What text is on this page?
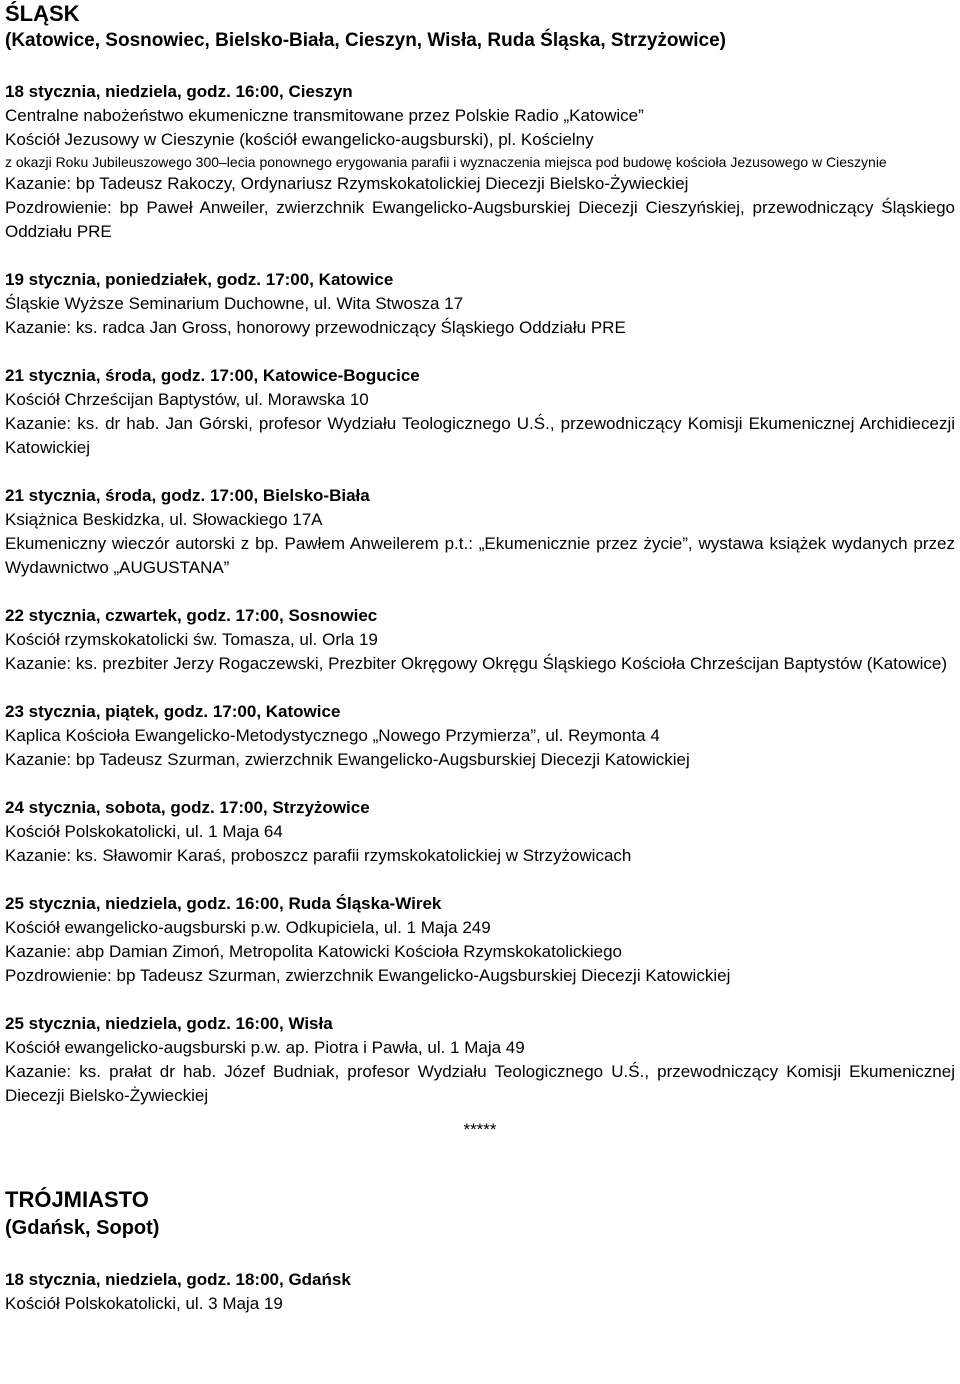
ŚLĄSK

(Katowice, Sosnowiec, Bielsko-Biała, Cieszyn, Wisła, Ruda Śląska, Strzyżowice)

18 stycznia, niedziela, godz. 16:00, Cieszyn

Centralne nabożeństwo ekumeniczne transmitowane przez Polskie Radio „Katowice”

Kościół Jezusowy w Cieszynie (kościół ewangelicko-augsburski), pl. Kościelny

z okazji Roku Jubileuszowego 300–lecia ponownego erygowania parafii i wyznaczenia miejsca pod budowę kościoła Jezusowego w Cieszynie

Kazanie: bp Tadeusz Rakoczy, Ordynariusz Rzymskokatolickiej Diecezji Bielsko-Żywieckiej

Pozdrowienie: bp Paweł Anweiler, zwierzchnik Ewangelicko-Augsburskiej Diecezji Cieszyńskiej, przewodniczący Śląskiego Oddziału PRE

19 stycznia, poniedziałek, godz. 17:00, Katowice

Śląskie Wyższe Seminarium Duchowne, ul. Wita Stwosza 17

Kazanie: ks. radca Jan Gross, honorowy przewodniczący Śląskiego Oddziału PRE

21 stycznia, środa, godz. 17:00, Katowice-Bogucice

Kościół Chrześcijan Baptystów, ul. Morawska 10

Kazanie: ks. dr hab. Jan Górski, profesor Wydziału Teologicznego U.Ś., przewodniczący Komisji Ekumenicznej Archidiecezji Katowickiej

21 stycznia, środa, godz. 17:00, Bielsko-Biała

Książnica Beskidzka, ul. Słowackiego 17A

Ekumeniczny wieczór autorski z bp. Pawłem Anweilerem p.t.: „Ekumenicznie przez życie”, wystawa książek wydanych przez Wydawnictwo „AUGUSTANA”

22 stycznia, czwartek, godz. 17:00, Sosnowiec

Kościół rzymskokatolicki św. Tomasza, ul. Orla 19

Kazanie: ks. prezbiter Jerzy Rogaczewski, Prezbiter Okręgowy Okręgu Śląskiego Kościoła Chrześcijan Baptystów (Katowice)

23 stycznia, piątek, godz. 17:00, Katowice

Kaplica Kościoła Ewangelicko-Metodystycznego „Nowego Przymierza”, ul. Reymonta 4

Kazanie: bp Tadeusz Szurman, zwierzchnik Ewangelicko-Augsburskiej Diecezji Katowickiej

24 stycznia, sobota, godz. 17:00, Strzyżowice

Kościół Polskokatolicki, ul. 1 Maja 64

Kazanie: ks. Sławomir Karaś, proboszcz parafii rzymskokatolickiej w Strzyżowicach

25 stycznia, niedziela, godz. 16:00, Ruda Śląska-Wirek

Kościół ewangelicko-augsburski p.w. Odkupiciela, ul. 1 Maja 249

Kazanie: abp Damian Zimoń, Metropolita Katowicki Kościoła Rzymskokatolickiego

Pozdrowienie: bp Tadeusz Szurman, zwierzchnik Ewangelicko-Augsburskiej Diecezji Katowickiej

25 stycznia, niedziela, godz. 16:00, Wisła

Kościół ewangelicko-augsburski p.w. ap. Piotra i Pawła, ul. 1 Maja 49

Kazanie: ks. prałat dr hab. Józef Budniak, profesor Wydziału Teologicznego U.Ś., przewodniczący Komisji Ekumenicznej Diecezji Bielsko-Żywieckiej

*****

TRÓJMIASTO

(Gdańsk, Sopot)

18 stycznia, niedziela, godz. 18:00, Gdańsk

Kościół Polskokatolicki, ul. 3 Maja 19
